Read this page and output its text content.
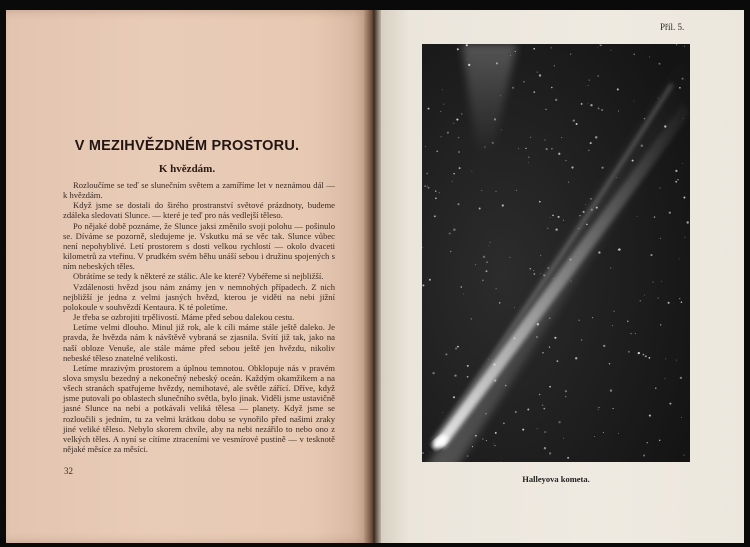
V MEZIHVĚZDNÉM PROSTORU.
K hvězdám.

Rozloučíme se teď se slunečním světem a zamíříme let v neznámou dál — k hvězdám.

Když jsme se dostali do širého prostranství světové prázdnoty, budeme zdáleka sledovati Slunce. — které je teď pro nás vedlejší těleso.

Po nějaké době poznáme, že Slunce jaksi změnilo svoji polohu — pošinulo se. Díváme se pozorně, sledujeme je. Vskutku má se věc tak. Slunce vůbec není nepohyblivé. Letí prostorem s dosti velkou rychlostí — okolo dvaceti kilometrů za vteřinu. V prudkém svém běhu unáší sebou i družinu spojených s ním nebeských těles.

Obrátíme se tedy k některé ze stálic. Ale ke které? Vybéřeme si nejbližší.

Vzdálenosti hvězd jsou nám známy jen v nemnohých případech. Z nich nejbližší je jedna z velmi jasných hvězd, kterou je viděti na nebi jižní polokoule v souhvězdí Kentaura. K té poletíme.

Je třeba se ozbrojiti trpělivostí. Máme před sebou dalekou cestu.

Letíme velmi dlouho. Minul již rok, ale k cíli máme stále ještě daleko. Je pravda, že hvězda nám k návštěvě vybraná se zjasnila. Svítí již tak, jako na naší obloze Venuše, ale stále máme před sebou ještě jen hvězdu, nikoliv nebeské těleso znatelné velikosti.

Letíme mrazivým prostorem a úplnou temnotou. Obklopuje nás v pravém slova smyslu bezedný a nekonečný nebeský oceán. Každým okamžikem a na všech stranách spatřujeme hvězdy, nemihotavé, ale světle zářící. Dříve, když jsme putovali po oblastech slunečního světla, bylo jinak. Viděli jsme ustavičně jasné Slunce na nebi a potkávali veliká tělesa — planety. Když jsme se rozloučili s jedním, tu za velmi krátkou dobu se vynořilo před našimi zraky jiné veliké těleso. Nebylo skorem chvíle, aby na nebi nezářilo to nebo ono z velkých těles. A nyní se cítíme ztraceními ve vesmírové pustině — v tesknotě nějaké měsíce za měsíci.

32
Příl. 5.
Halleyova kometa.
